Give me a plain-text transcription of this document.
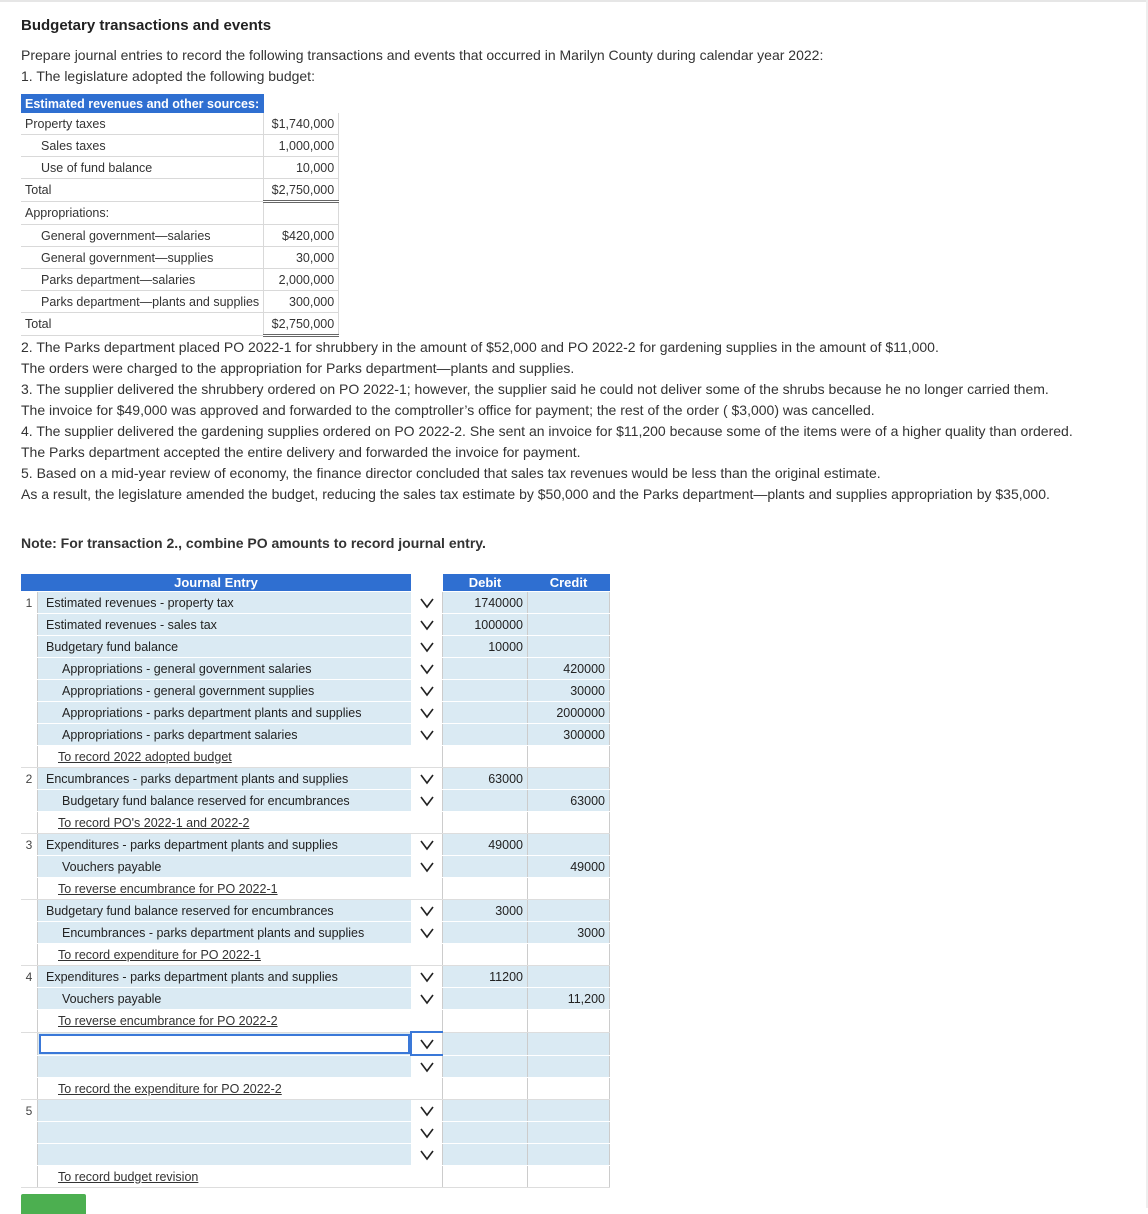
Budgetary transactions and events

Prepare journal entries to record the following transactions and events that occurred in Marilyn County during calendar year 2022:

1. The legislature adopted the following budget:

Estimated revenues and other sources:	
Property taxes	$1,740,000
Sales taxes	1,000,000
Use of fund balance	10,000
Total	$2,750,000
Appropriations:	
General government—salaries	$420,000
General government—supplies	30,000
Parks department—salaries	2,000,000
Parks department—plants and supplies	300,000
Total	$2,750,000

2. The Parks department placed PO 2022-1 for shrubbery in the amount of $52,000 and PO 2022-2 for gardening supplies in the amount of $11,000.

The orders were charged to the appropriation for Parks department—plants and supplies.

3. The supplier delivered the shrubbery ordered on PO 2022-1; however, the supplier said he could not deliver some of the shrubs because he no longer carried them.

The invoice for $49,000 was approved and forwarded to the comptroller’s office for payment; the rest of the order ( $3,000) was cancelled.

4. The supplier delivered the gardening supplies ordered on PO 2022-2. She sent an invoice for $11,200 because some of the items were of a higher quality than ordered.

The Parks department accepted the entire delivery and forwarded the invoice for payment.

5. Based on a mid-year review of economy, the finance director concluded that sales tax revenues would be less than the original estimate.

As a result, the legislature amended the budget, reducing the sales tax estimate by $50,000 and the Parks department—plants and supplies appropriation by $35,000.

Note: For transaction 2., combine PO amounts to record journal entry.

Journal Entry			Debit	Credit
1	Estimated revenues - property tax		1740000	
	Estimated revenues - sales tax		1000000	
	Budgetary fund balance		10000	
	Appropriations - general government salaries			420000
	Appropriations - general government supplies			30000
	Appropriations - parks department plants and supplies			2000000
	Appropriations - parks department salaries			300000
	To record 2022 adopted budget			
2	Encumbrances - parks department plants and supplies		63000	
	Budgetary fund balance reserved for encumbrances			63000
	To record PO's 2022-1 and 2022-2			
3	Expenditures - parks department plants and supplies		49000	
	Vouchers payable			49000
	To reverse encumbrance for PO 2022-1			
	Budgetary fund balance reserved for encumbrances		3000	
	Encumbrances - parks department plants and supplies			3000
	To record expenditure for PO 2022-1			
4	Expenditures - parks department plants and supplies		11200	
	Vouchers payable			11,200
	To reverse encumbrance for PO 2022-2			

	To record the expenditure for PO 2022-2			
5				

	To record budget revision			
